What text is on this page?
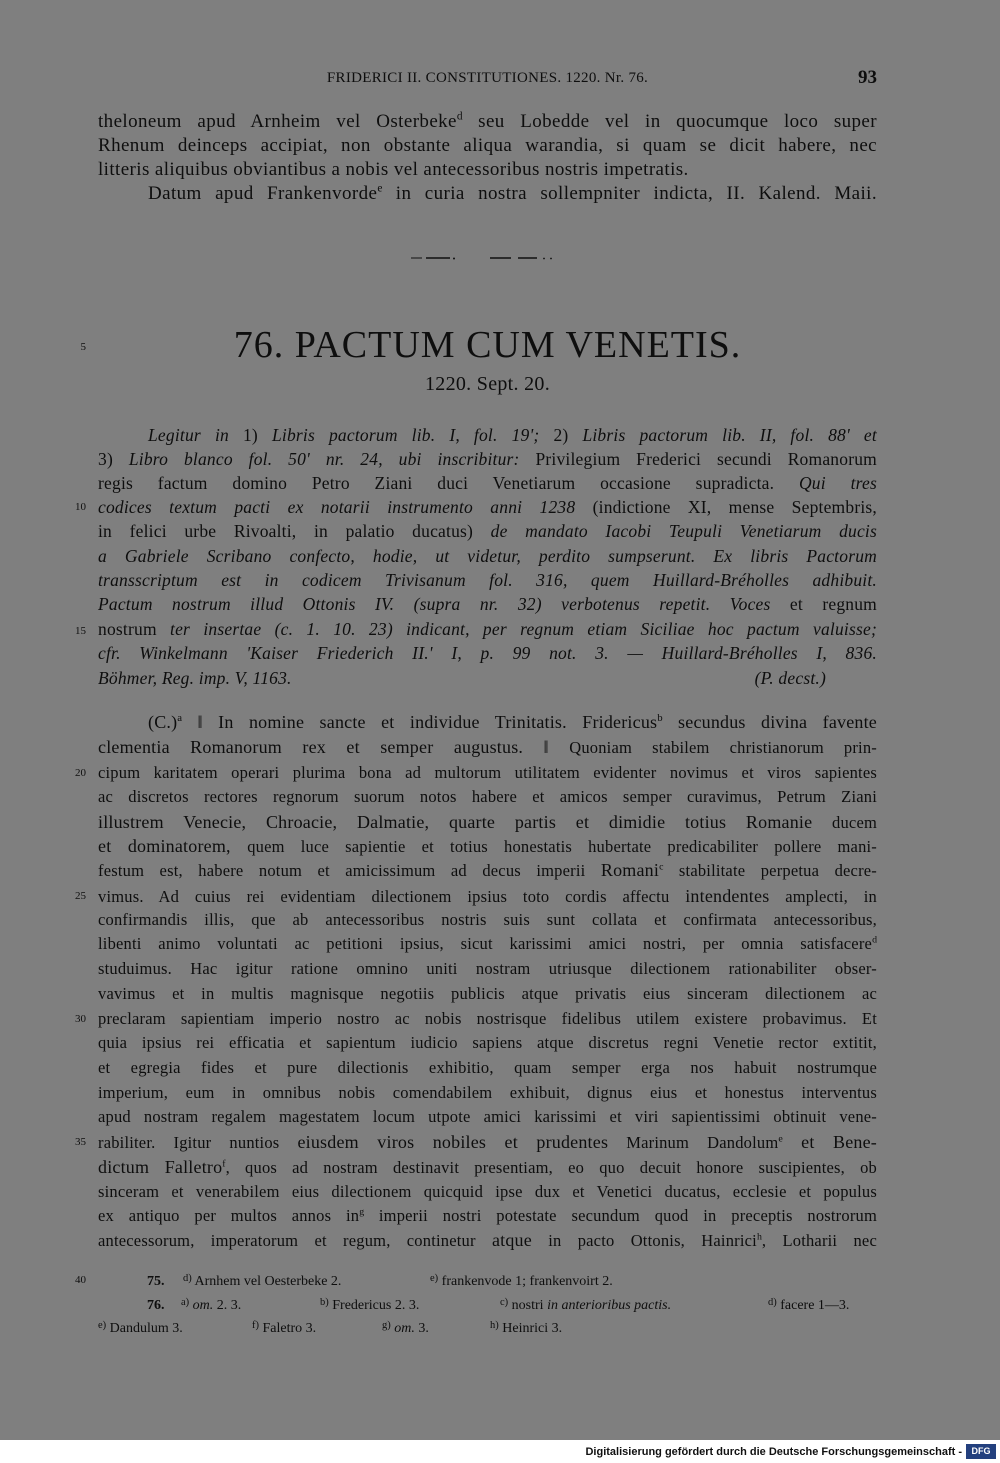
FRIDERICI II. CONSTITUTIONES. 1220. Nr. 76.	93
5
10
15
20
25
30
35
40
theloneum apud Arnheim vel Osterbeke$^d$ seu Lobedde vel in quocumque loco super
Rhenum deinceps accipiat, non obstante aliqua warandia, si quam se dicit habere, nec
litteris aliquibus obviantibus a nobis vel antecessoribus nostris impetratis.
Datum apud Frankenvorde$^e$ in curia nostra sollempniter indicta, II. Kalend. Maii.
76. PACTUM CUM VENETIS.
1220. Sept. 20.
Legitur in 1) Libris pactorum lib. I, fol. 19'; 2) Libris pactorum lib. II, fol. 88' et
3) Libro blanco fol. 50' nr. 24, ubi inscribitur: Privilegium Frederici secundi Romanorum
regis factum domino Petro Ziani duci Venetiarum occasione supradicta. Qui tres
codices textum pacti ex notarii instrumento anni 1238 (indictione XI, mense Septembris,
in felici urbe Rivoalti, in palatio ducatus) de mandato Iacobi Teupuli Venetiarum ducis
a Gabriele Scribano confecto, hodie, ut videtur, perdito sumpserunt. Ex libris Pactorum
transscriptum est in codicem Trivisanum fol. 316, quem Huillard-Bréholles adhibuit.
Pactum nostrum illud Ottonis IV. (supra nr. 32) verbotenus repetit. Voces et regnum
nostrum ter insertae (c. 1. 10. 23) indicant, per regnum etiam Siciliae hoc pactum valuisse;
cfr. Winkelmann 'Kaiser Friederich II.' I, p. 99 not. 3. — Huillard-Bréholles I, 836.
Böhmer, Reg. imp. V, 1163.	(P. decst.)
$(C.)^a$ ‖ In nomine sancte et individue Trinitatis. Fridericus$^b$ secundus divina favente
clementia Romanorum rex et semper augustus. ‖ Quoniam stabilem christianorum prin-
cipum karitatem operari plurima bona ad multorum utilitatem evidenter novimus et viros sapientes
ac discretos rectores regnorum suorum notos habere et amicos semper curavimus, Petrum Ziani
illustrem Venecie, Chroacie, Dalmatie, quarte partis et dimidie totius Romanie ducem
et dominatorem, quem luce sapientie et totius honestatis hubertate predicabiliter pollere mani-
festum est, habere notum et amicissimum ad decus imperii Romani$^c$ stabilitate perpetua decre-
vimus. Ad cuius rei evidentiam dilectionem ipsius toto cordis affectu intendentes amplecti, in
confirmandis illis, que ab antecessoribus nostris suis sunt collata et confirmata antecessoribus,
libenti animo voluntati ac petitioni ipsius, sicut karissimi amici nostri, per omnia satisfacere$^d$
studuimus. Hac igitur ratione omnino uniti nostram utriusque dilectionem rationabiliter obser-
vavimus et in multis magnisque negotiis publicis atque privatis eius sinceram dilectionem ac
preclaram sapientiam imperio nostro ac nobis nostrisque fidelibus utilem existere probavimus. Et
quia ipsius rei efficatia et sapientum iudicio sapiens atque discretus regni Venetie rector extitit,
et egregia fides et pure dilectionis exhibitio, quam semper erga nos habuit nostrumque
imperium, eum in omnibus nobis comendabilem exhibuit, dignus eius et honestus interventus
apud nostram regalem magestatem locum utpote amici karissimi et viri sapientissimi obtinuit vene-
rabiliter. Igitur nuntios eiusdem viros nobiles et prudentes Marinum Dandolum$^e$ et Bene-
dictum Falletro$^f$, quos ad nostram destinavit presentiam, eo quo decuit honore suscipientes, ob
sinceram et venerabilem eius dilectionem quicquid ipse dux et Venetici ducatus, ecclesie et populus
ex antiquo per multos annos $in^g$ imperii nostri potestate secundum quod in preceptis nostrorum
antecessorum, imperatorum et regum, continetur atque in pacto Ottonis, Hainrici$^h$, Lotharii nec
75. $^{d)}$ Arnhem vel Oesterbeke 2.	$^{e)}$ frankenvode 1; frankenvoirt 2.
76. $^{a)}$ om. 2. 3.	$^{b)}$ Fredericus 2. 3.	$^{c)}$ nostri in anterioribus pactis.	$^{d)}$ facere 1—3.
$^{e)}$ Dandulum 3.	$^{f)}$ Faletro 3.	$^{g)}$ om. 3.	$^{h)}$ Heinrici 3.
Digitalisierung gefördert durch die Deutsche Forschungsgemeinschaft -	DFG
